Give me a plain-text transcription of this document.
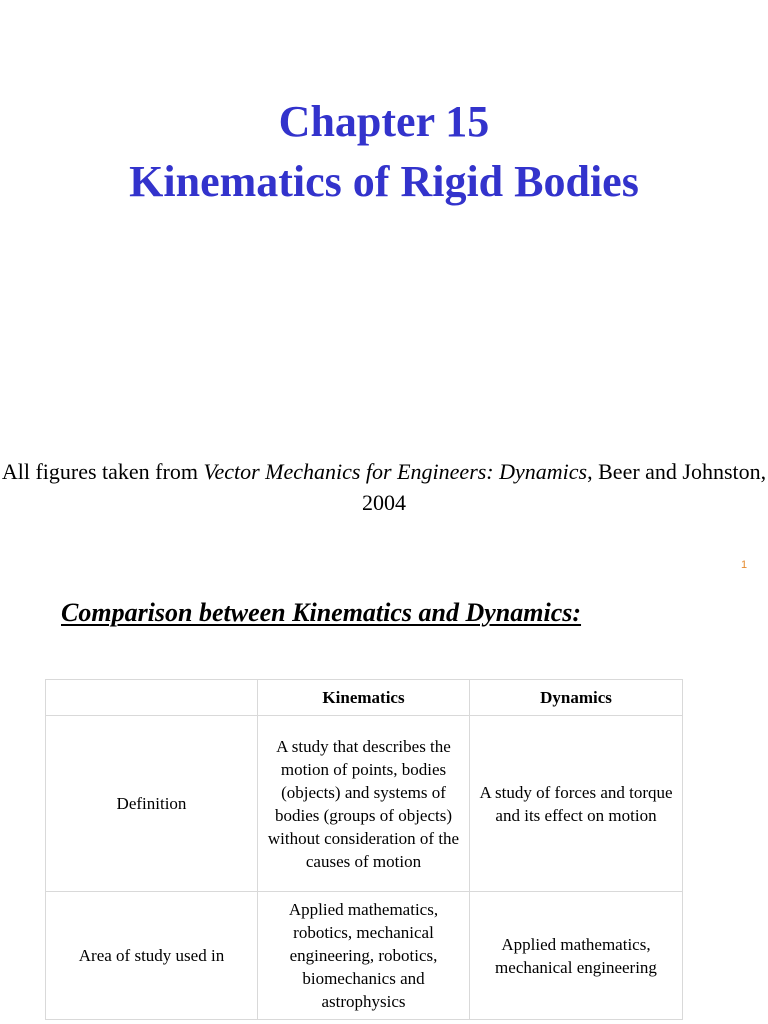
Chapter 15
Kinematics of Rigid Bodies
All figures taken from Vector Mechanics for Engineers: Dynamics, Beer and Johnston, 2004
1
Comparison between Kinematics and Dynamics:
	Kinematics	Dynamics
Definition	A study that describes the motion of points, bodies (objects) and systems of bodies (groups of objects) without consideration of the causes of motion	A study of forces and torque and its effect on motion
Area of study used in	Applied mathematics, robotics, mechanical engineering, robotics, biomechanics and astrophysics	Applied mathematics, mechanical engineering
